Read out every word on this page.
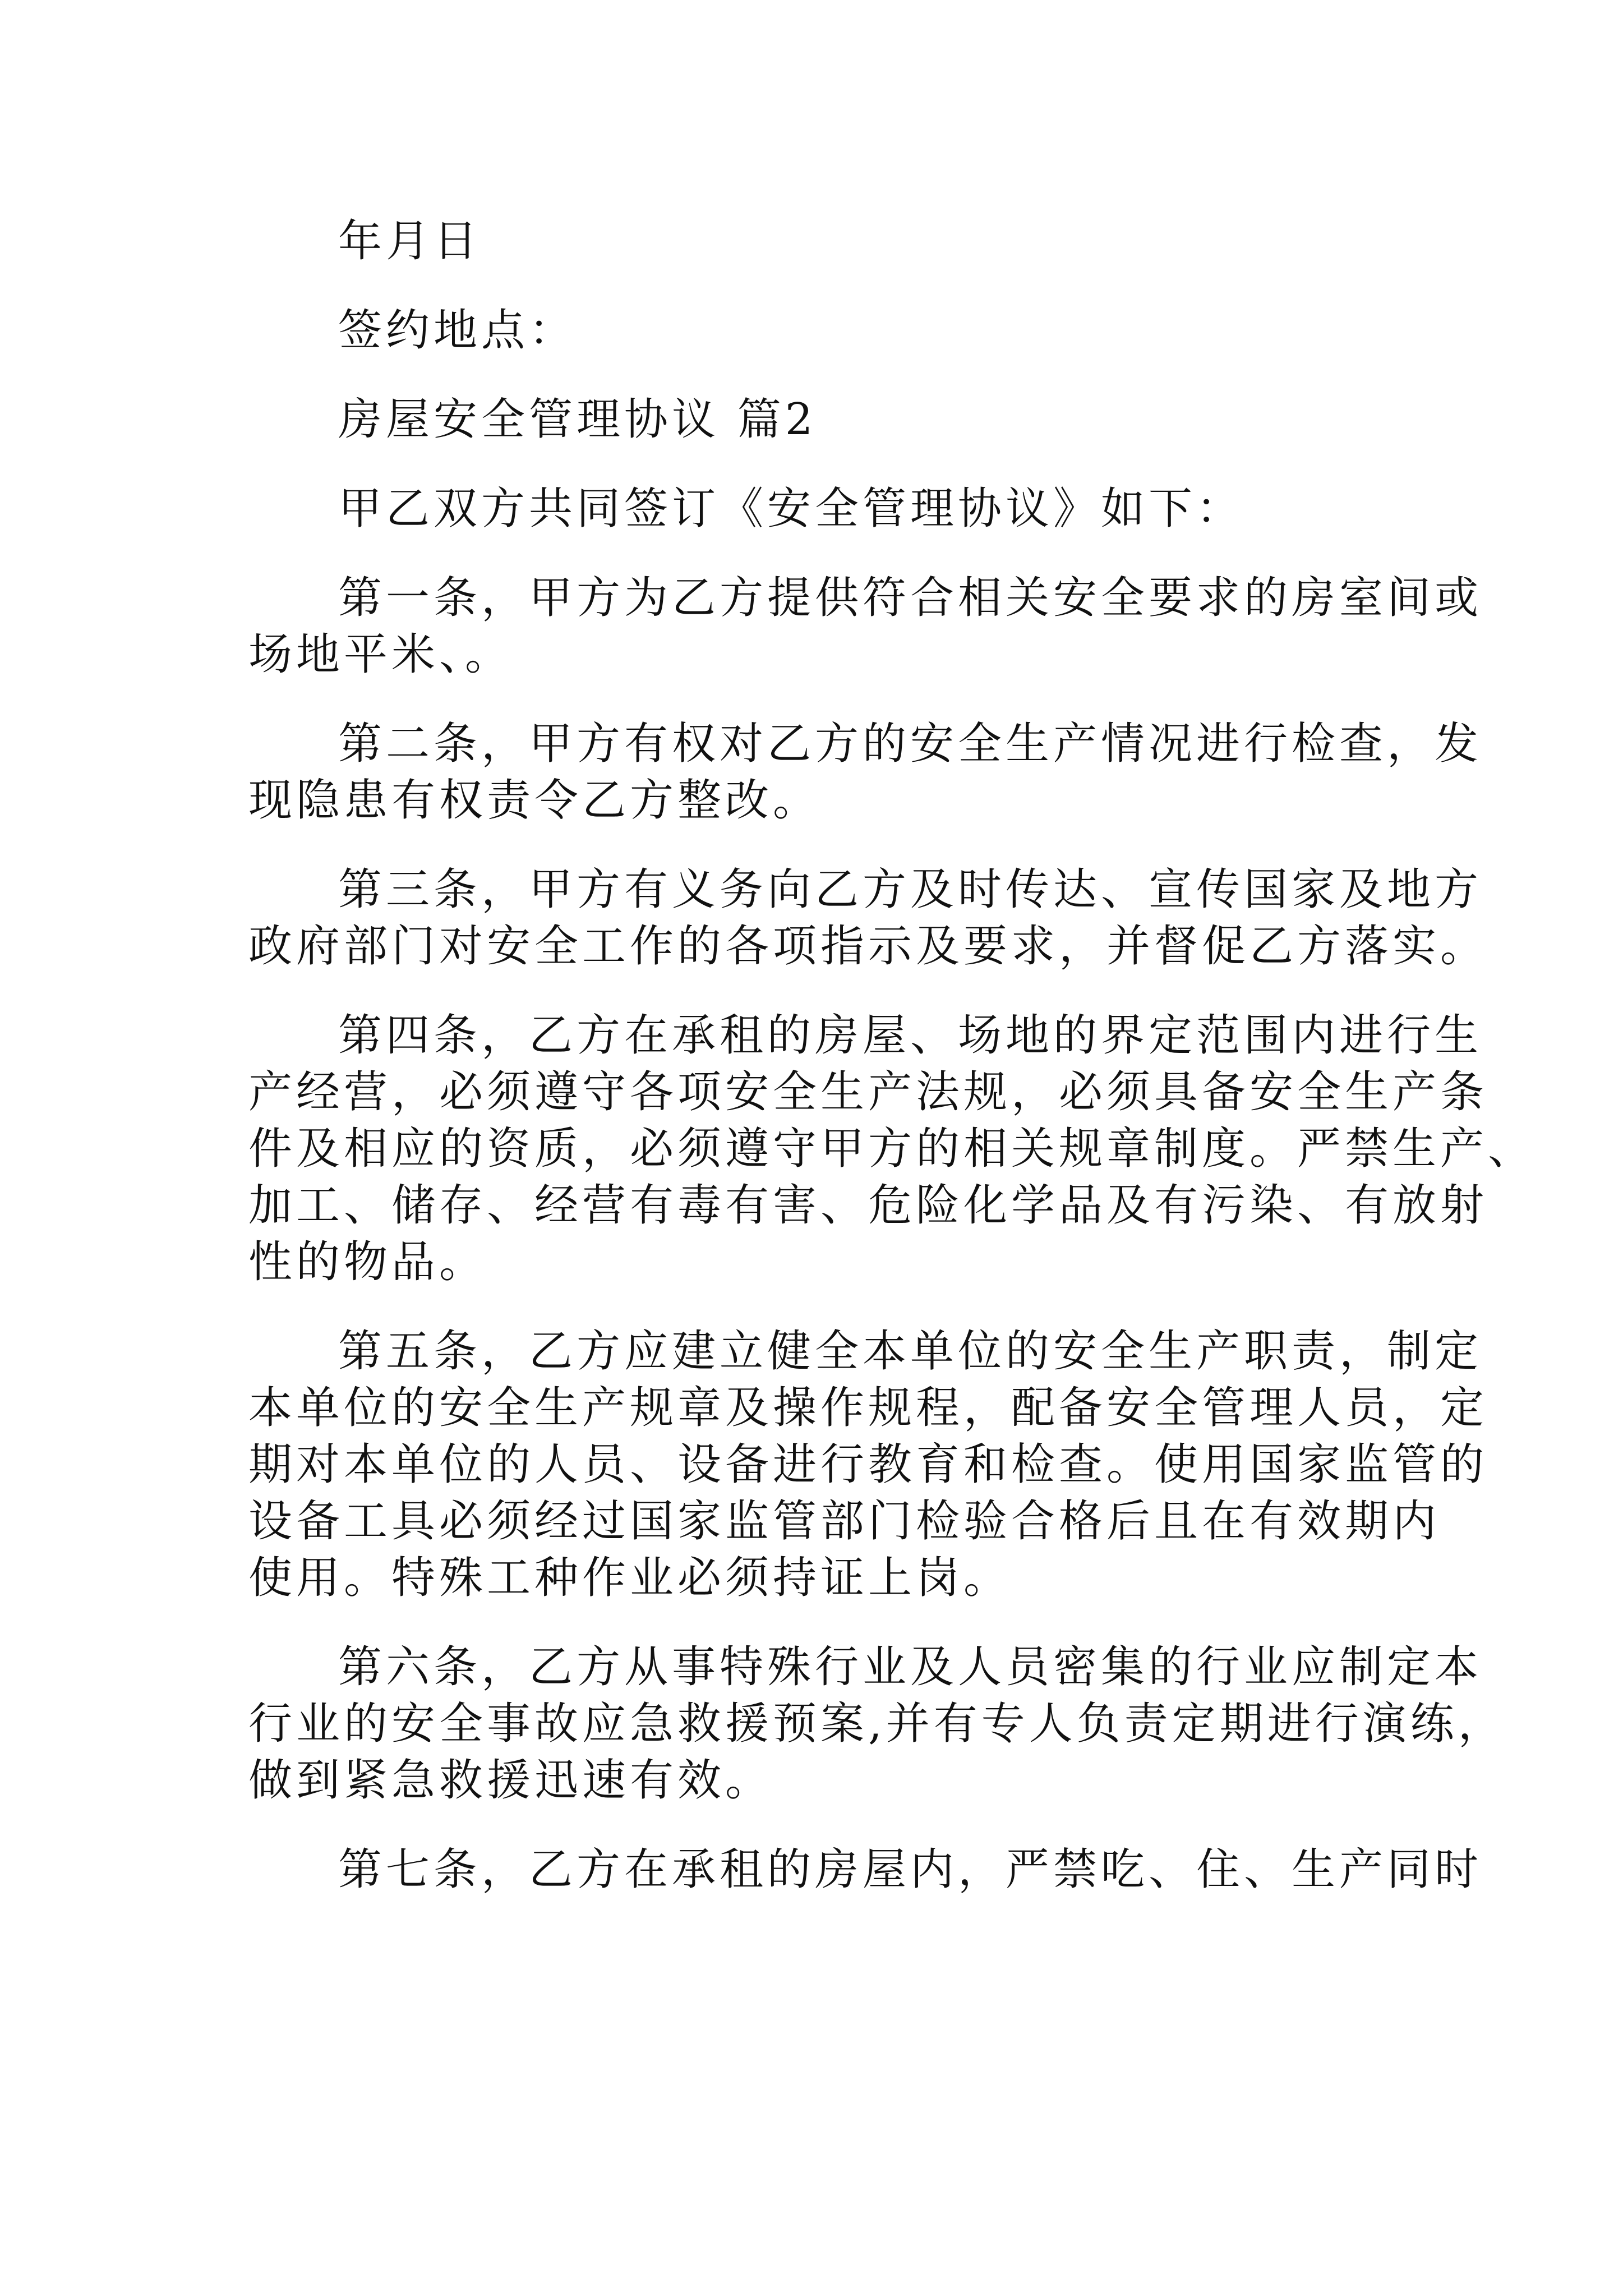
年月日

签约地点：

房屋安全管理协议 篇2

甲乙双方共同签订《安全管理协议》如下：

第一条，甲方为乙方提供符合相关安全要求的房室间或

场地平米、。

第二条，甲方有权对乙方的安全生产情况进行检查，发

现隐患有权责令乙方整改。

第三条，甲方有义务向乙方及时传达、宣传国家及地方

政府部门对安全工作的各项指示及要求，并督促乙方落实。

第四条，乙方在承租的房屋、场地的界定范围内进行生

产经营，必须遵守各项安全生产法规，必须具备安全生产条

件及相应的资质，必须遵守甲方的相关规章制度。严禁生产、

加工、储存、经营有毒有害、危险化学品及有污染、有放射

性的物品。

第五条，乙方应建立健全本单位的安全生产职责，制定

本单位的安全生产规章及操作规程，配备安全管理人员，定

期对本单位的人员、设备进行教育和检查。使用国家监管的

设备工具必须经过国家监管部门检验合格后且在有效期内

使用。特殊工种作业必须持证上岗。

第六条，乙方从事特殊行业及人员密集的行业应制定本

行业的安全事故应急救援预案,并有专人负责定期进行演练，

做到紧急救援迅速有效。

第七条，乙方在承租的房屋内，严禁吃、住、生产同时
